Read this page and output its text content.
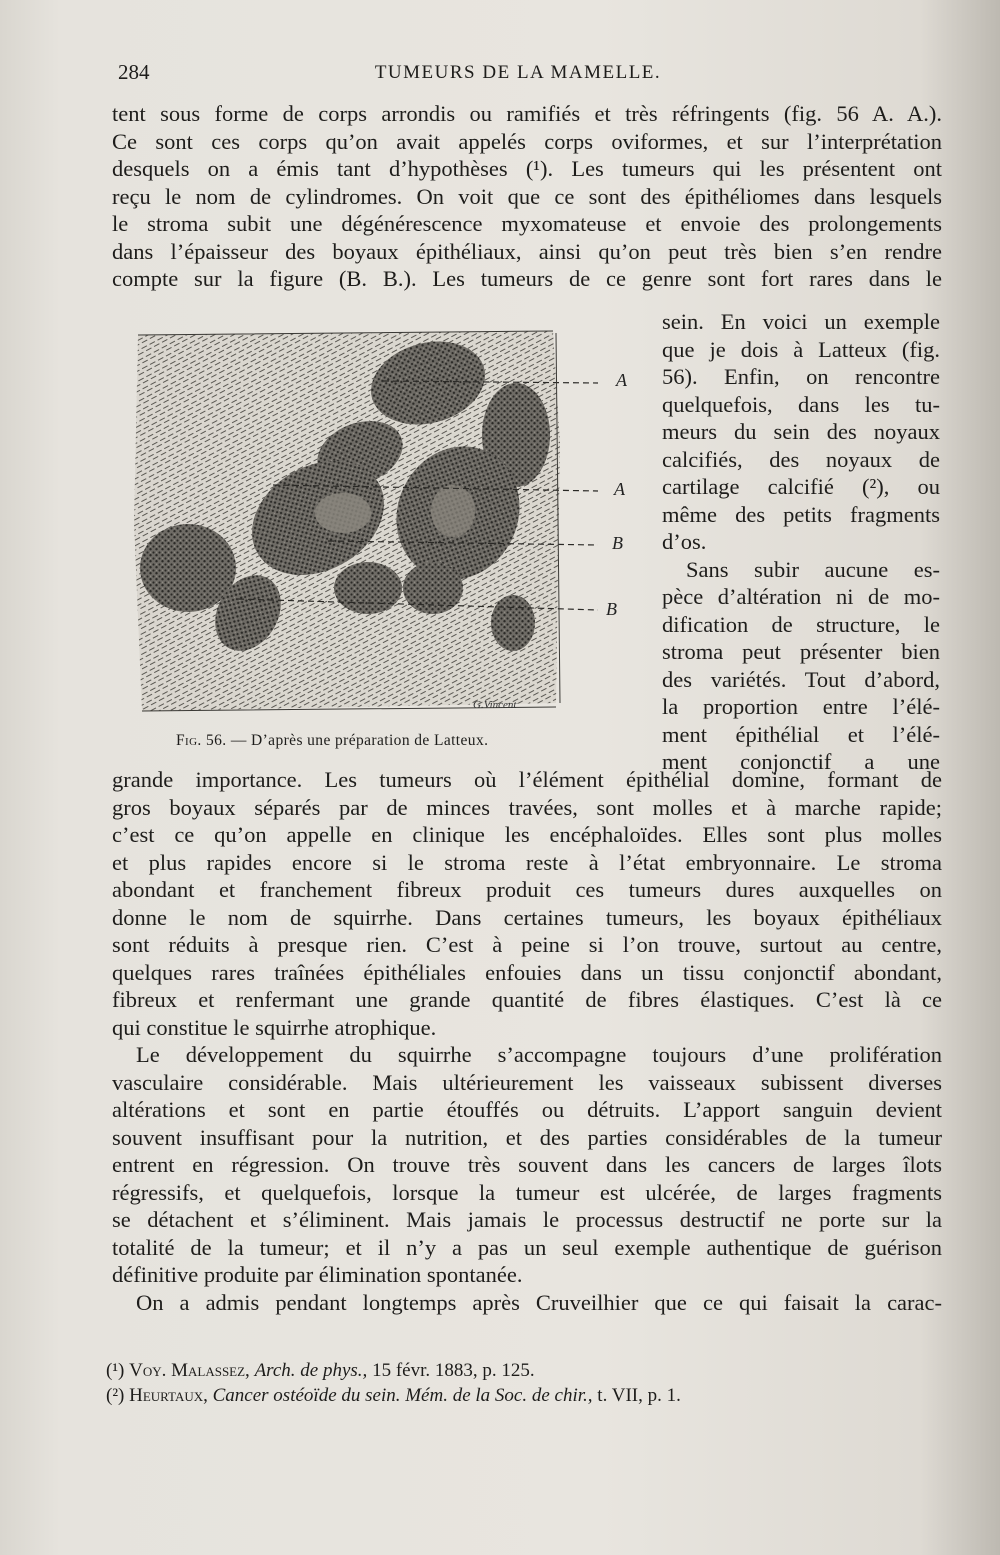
284	TUMEURS DE LA MAMELLE.
tent sous forme de corps arrondis ou ramifiés et très réfringents (fig. 56 A. A.).
Ce sont ces corps qu’on avait appelés corps oviformes, et sur l’interprétation
desquels on a émis tant d’hypothèses (¹). Les tumeurs qui les présentent ont
reçu le nom de cylindromes. On voit que ce sont des épithéliomes dans lesquels
le stroma subit une dégénérescence myxomateuse et envoie des prolongements
dans l’épaisseur des boyaux épithéliaux, ainsi qu’on peut très bien s’en rendre
compte sur la figure (B. B.). Les tumeurs de ce genre sont fort rares dans le
A
A
B
B
G.Vincent
sein. En voici un exemple
que je dois à Latteux (fig.
56). Enfin, on rencontre
quelquefois, dans les tu-
meurs du sein des noyaux
calcifiés, des noyaux de
cartilage calcifié (²), ou
même des petits fragments
d’os.
Sans subir aucune es-
pèce d’altération ni de mo-
dification de structure, le
stroma peut présenter bien
des variétés. Tout d’abord,
la proportion entre l’élé-
ment épithélial et l’élé-
ment conjonctif a une
Fig. 56. — D’après une préparation de Latteux.
grande importance. Les tumeurs où l’élément épithélial domine, formant de
gros boyaux séparés par de minces travées, sont molles et à marche rapide;
c’est ce qu’on appelle en clinique les encéphaloïdes. Elles sont plus molles
et plus rapides encore si le stroma reste à l’état embryonnaire. Le stroma
abondant et franchement fibreux produit ces tumeurs dures auxquelles on
donne le nom de squirrhe. Dans certaines tumeurs, les boyaux épithéliaux
sont réduits à presque rien. C’est à peine si l’on trouve, surtout au centre,
quelques rares traînées épithéliales enfouies dans un tissu conjonctif abondant,
fibreux et renfermant une grande quantité de fibres élastiques. C’est là ce
qui constitue le squirrhe atrophique.
Le développement du squirrhe s’accompagne toujours d’une prolifération
vasculaire considérable. Mais ultérieurement les vaisseaux subissent diverses
altérations et sont en partie étouffés ou détruits. L’apport sanguin devient
souvent insuffisant pour la nutrition, et des parties considérables de la tumeur
entrent en régression. On trouve très souvent dans les cancers de larges îlots
régressifs, et quelquefois, lorsque la tumeur est ulcérée, de larges fragments
se détachent et s’éliminent. Mais jamais le processus destructif ne porte sur la
totalité de la tumeur; et il n’y a pas un seul exemple authentique de guérison
définitive produite par élimination spontanée.
On a admis pendant longtemps après Cruveilhier que ce qui faisait la carac-
(¹) Voy. Malassez, Arch. de phys., 15 févr. 1883, p. 125.
(²) Heurtaux, Cancer ostéoïde du sein. Mém. de la Soc. de chir., t. VII, p. 1.
